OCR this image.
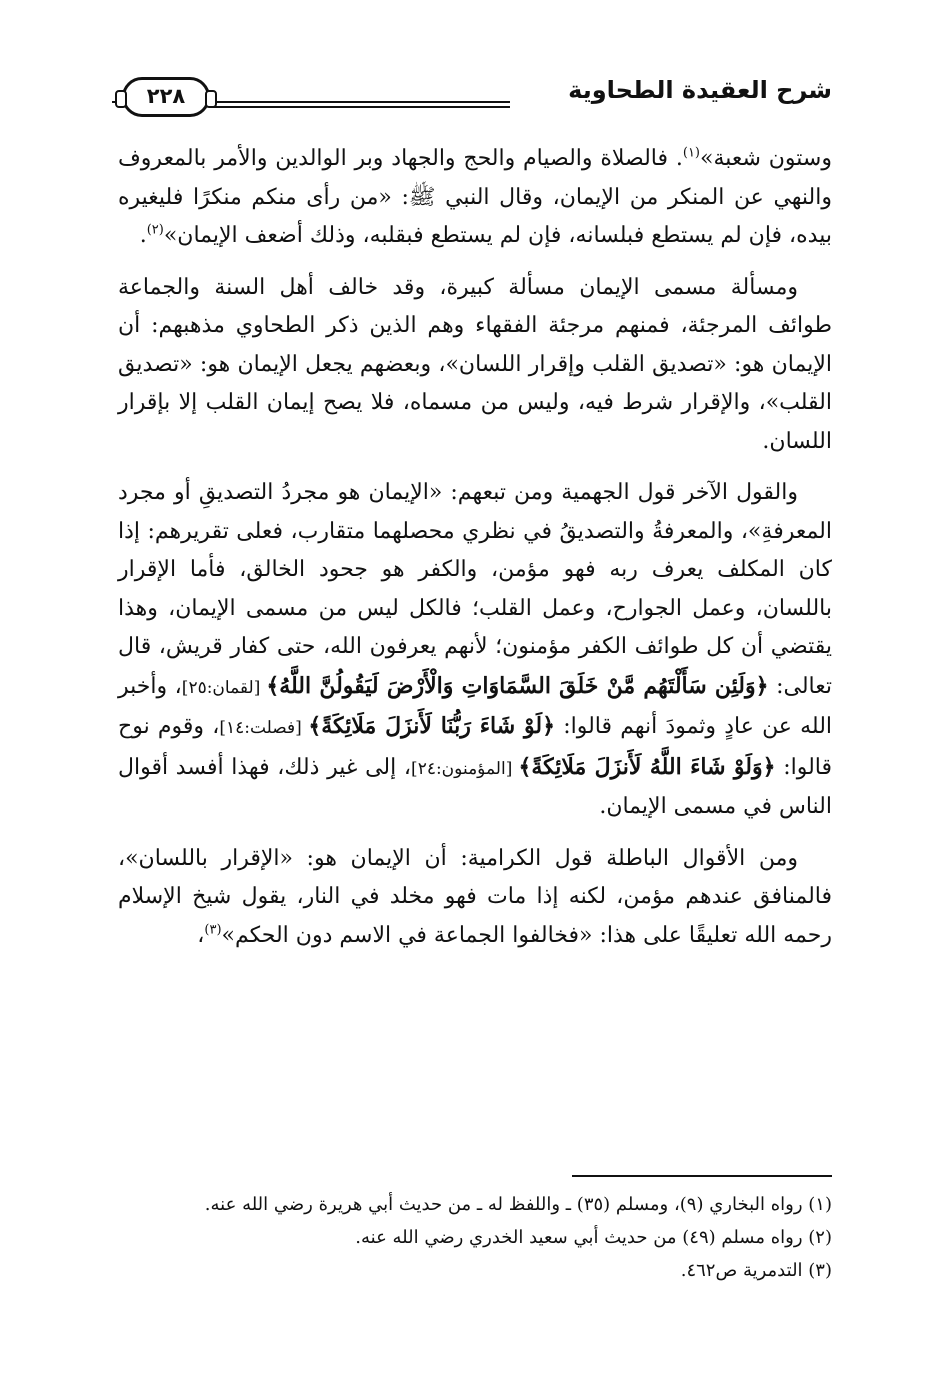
شرح العقيدة الطحاوية
٢٢٨

وستون شعبة»$^{(١)}$. فالصلاة والصيام والحج والجهاد وبر الوالدين والأمر بالمعروف والنهي عن المنكر من الإيمان، وقال النبي ﷺ: «من رأى منكم منكرًا فليغيره بيده، فإن لم يستطع فبلسانه، فإن لم يستطع فبقلبه، وذلك أضعف الإيمان»$^{(٢)}$.

ومسألة مسمى الإيمان مسألة كبيرة، وقد خالف أهل السنة والجماعة طوائف المرجئة، فمنهم مرجئة الفقهاء وهم الذين ذكر الطحاوي مذهبهم: أن الإيمان هو: «تصديق القلب وإقرار اللسان»، وبعضهم يجعل الإيمان هو: «تصديق القلب»، والإقرار شرط فيه، وليس من مسماه، فلا يصح إيمان القلب إلا بإقرار اللسان.

والقول الآخر قول الجهمية ومن تبعهم: «الإيمان هو مجردُ التصديقِ أو مجرد المعرفةِ»، والمعرفةُ والتصديقُ في نظري محصلهما متقارب، فعلى تقريرهم: إذا كان المكلف يعرف ربه فهو مؤمن، والكفر هو جحود الخالق، فأما الإقرار باللسان، وعمل الجوارح، وعمل القلب؛ فالكل ليس من مسمى الإيمان، وهذا يقتضي أن كل طوائف الكفر مؤمنون؛ لأنهم يعرفون الله، حتى كفار قريش، قال تعالى: ﴿وَلَئِن سَأَلْتَهُم مَّنْ خَلَقَ السَّمَاوَاتِ وَالْأَرْضَ لَيَقُولُنَّ اللَّهُ﴾ [لقمان:٢٥]، وأخبر الله عن عادٍ وثمودَ أنهم قالوا: ﴿لَوْ شَاءَ رَبُّنَا لَأَنزَلَ مَلَائِكَةً﴾ [فصلت:١٤]، وقوم نوح قالوا: ﴿وَلَوْ شَاءَ اللَّهُ لَأَنزَلَ مَلَائِكَةً﴾ [المؤمنون:٢٤]، إلى غير ذلك، فهذا أفسد أقوال الناس في مسمى الإيمان.

ومن الأقوال الباطلة قول الكرامية: أن الإيمان هو: «الإقرار باللسان»، فالمنافق عندهم مؤمن، لكنه إذا مات فهو مخلد في النار، يقول شيخ الإسلام رحمه الله تعليقًا على هذا: «فخالفوا الجماعة في الاسم دون الحكم»$^{(٣)}$،

(١) رواه البخاري (٩)، ومسلم (٣٥) ـ واللفظ له ـ من حديث أبي هريرة رضي الله عنه.

(٢) رواه مسلم (٤٩) من حديث أبي سعيد الخدري رضي الله عنه.

(٣) التدمرية ص٤٦٢.
